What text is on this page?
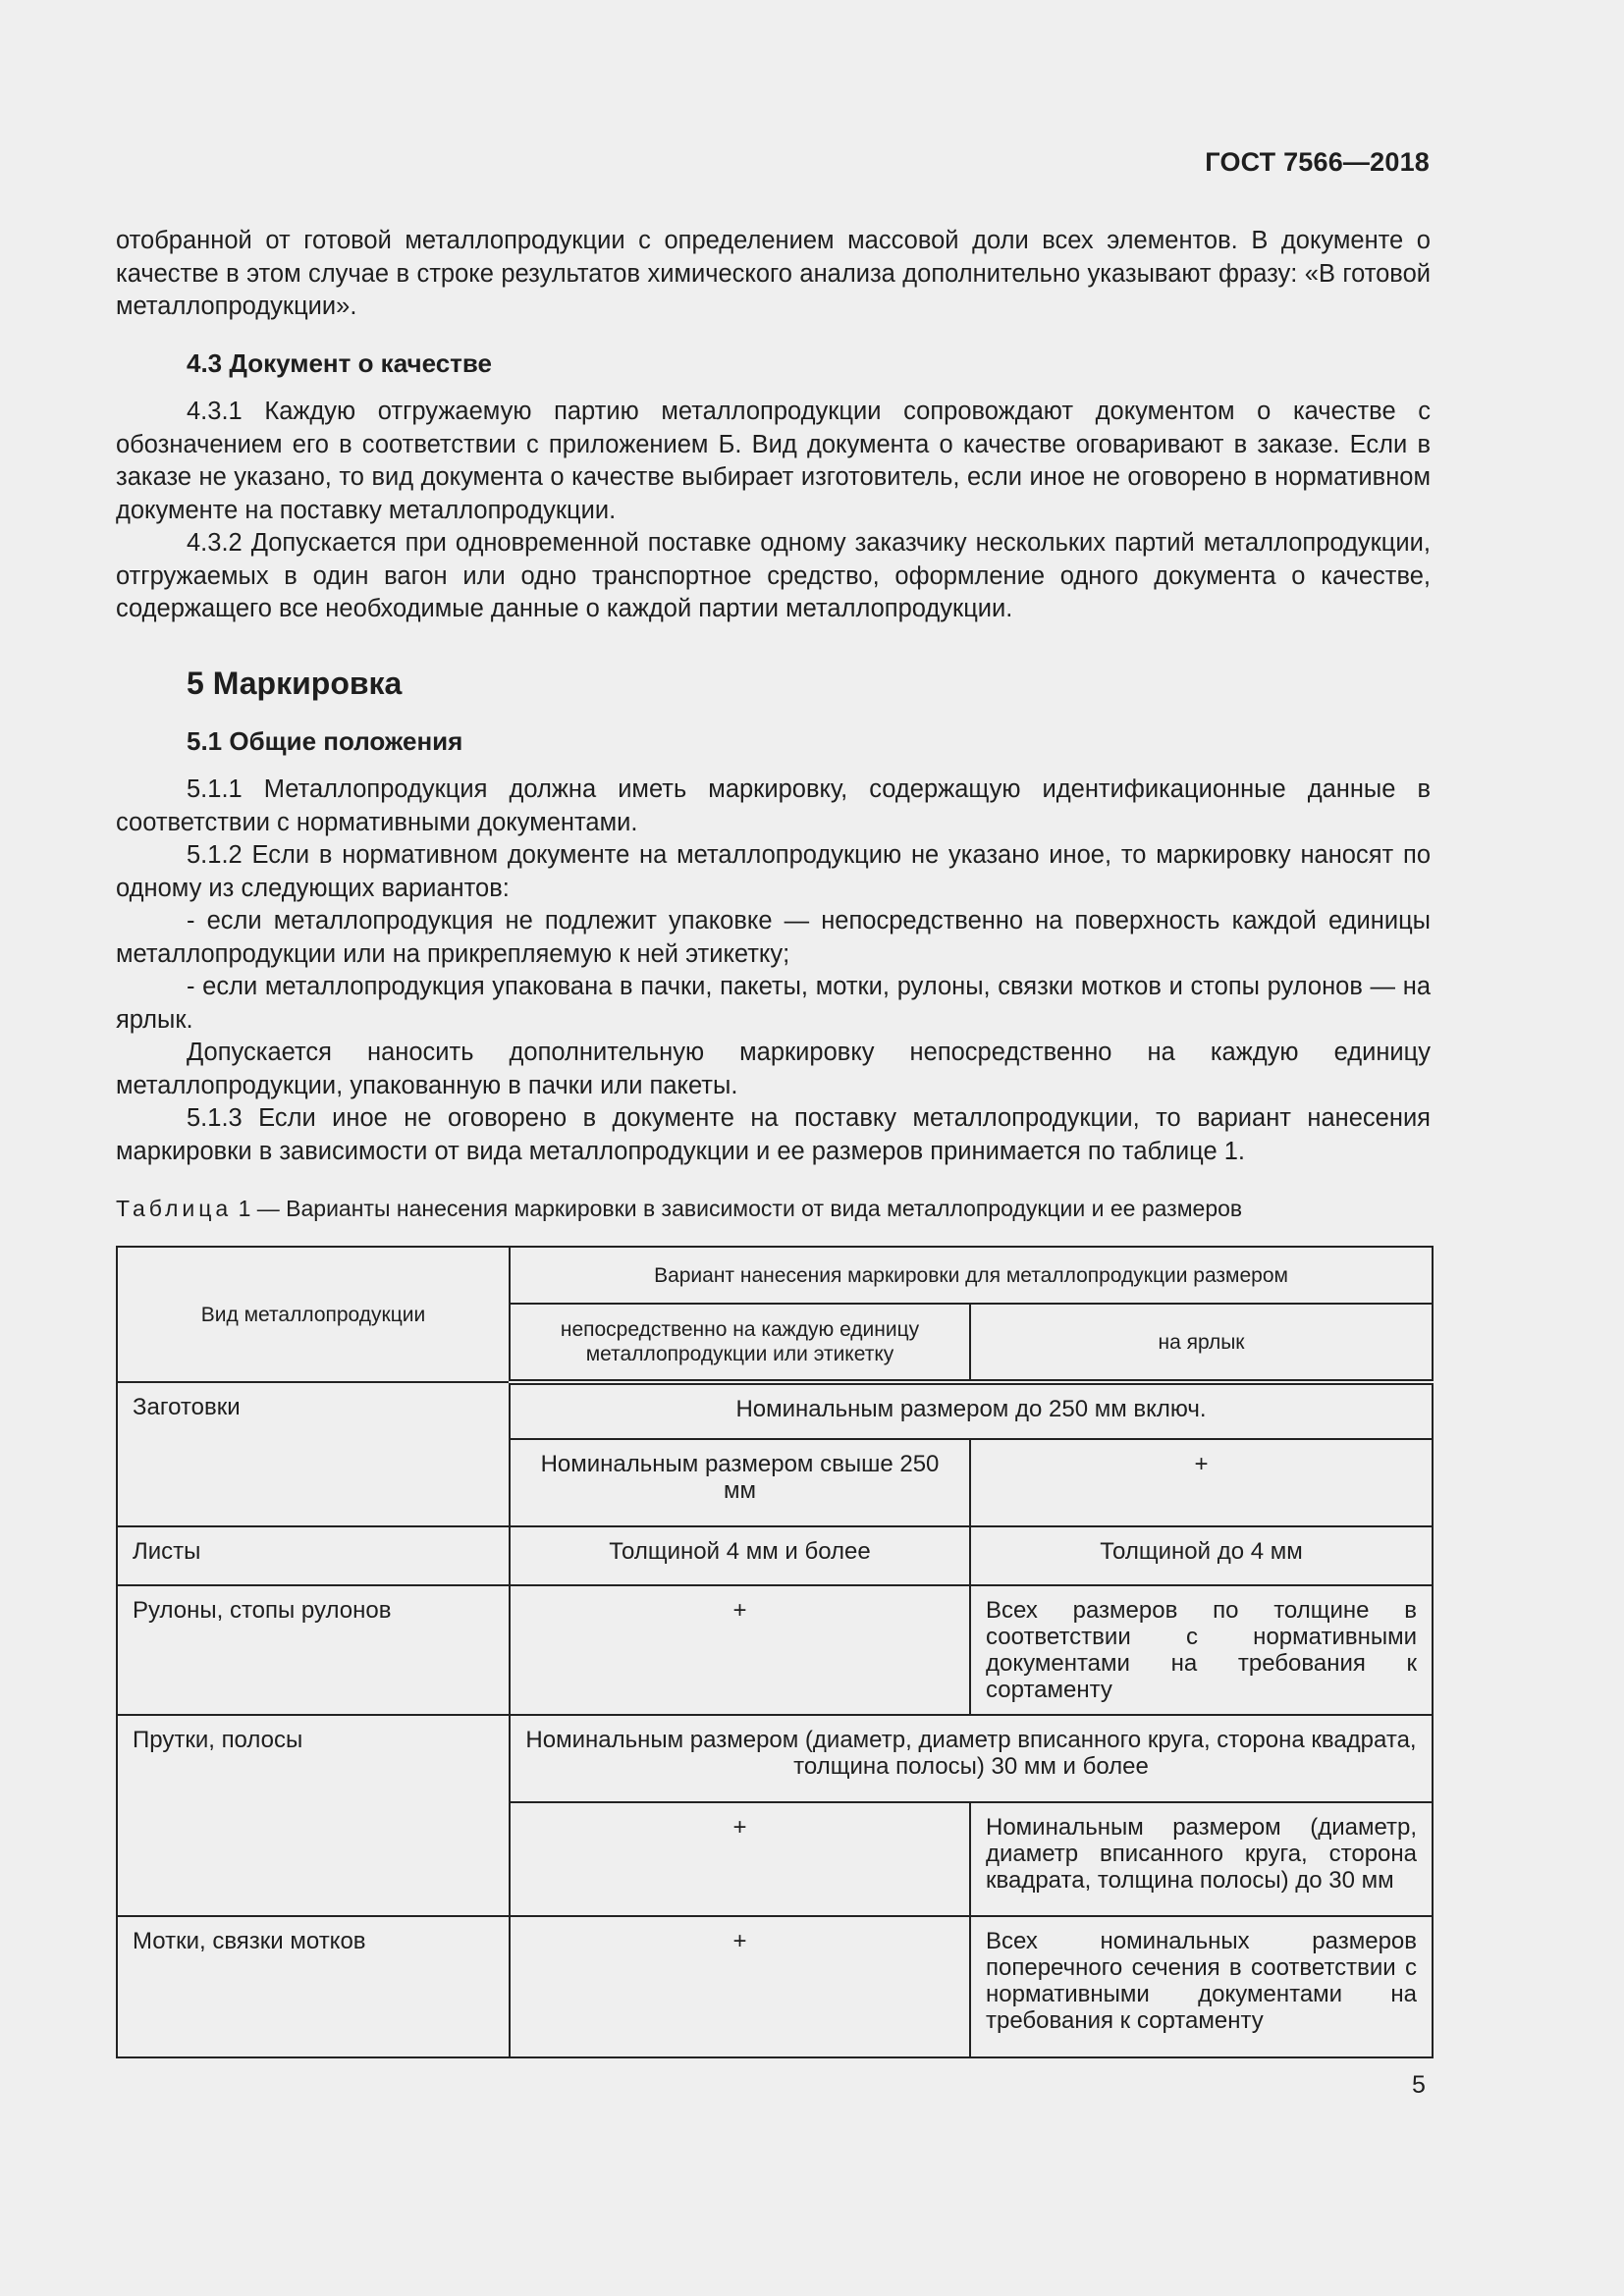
ГОСТ 7566—2018

отобранной от готовой металлопродукции с определением массовой доли всех элементов. В документе о качестве в этом случае в строке результатов химического анализа дополнительно указывают фразу: «В готовой металлопродукции».

4.3 Документ о качестве

4.3.1 Каждую отгружаемую партию металлопродукции сопровождают документом о качестве с обозначением его в соответствии с приложением Б. Вид документа о качестве оговаривают в заказе. Если в заказе не указано, то вид документа о качестве выбирает изготовитель, если иное не оговорено в нормативном документе на поставку металлопродукции.

4.3.2 Допускается при одновременной поставке одному заказчику нескольких партий металлопродукции, отгружаемых в один вагон или одно транспортное средство, оформление одного документа о качестве, содержащего все необходимые данные о каждой партии металлопродукции.

5 Маркировка
5.1 Общие положения

5.1.1 Металлопродукция должна иметь маркировку, содержащую идентификационные данные в соответствии с нормативными документами.

5.1.2 Если в нормативном документе на металлопродукцию не указано иное, то маркировку наносят по одному из следующих вариантов:

- если металлопродукция не подлежит упаковке — непосредственно на поверхность каждой единицы металлопродукции или на прикрепляемую к ней этикетку;

- если металлопродукция упакована в пачки, пакеты, мотки, рулоны, связки мотков и стопы рулонов — на ярлык.

Допускается наносить дополнительную маркировку непосредственно на каждую единицу металлопродукции, упакованную в пачки или пакеты.

5.1.3 Если иное не оговорено в документе на поставку металлопродукции, то вариант нанесения маркировки в зависимости от вида металлопродукции и ее размеров принимается по таблице 1.

Таблица 1 — Варианты нанесения маркировки в зависимости от вида металлопродукции и ее размеров
Вид металлопродукции	Вариант нанесения маркировки для металлопродукции размером	
	непосредственно на каждую единицу металлопродукции или этикетку	на ярлык
Заготовки	Номинальным размером до 250 мм включ.	
	Номинальным размером свыше 250 мм	+
Листы	Толщиной 4 мм и более	Толщиной до 4 мм
Рулоны, стопы рулонов	+	Всех размеров по толщине в соответствии с нормативными документами на требования к сортаменту
Прутки, полосы	Номинальным размером (диаметр, диаметр вписанного круга, сторона квадрата, толщина полосы) 30 мм и более	
	+	Номинальным размером (диаметр, диаметр вписанного круга, сторона квадрата, толщина полосы) до 30 мм
Мотки, связки мотков	+	Всех номинальных размеров поперечного сечения в соответствии с нормативными документами на требования к сортаменту
5
